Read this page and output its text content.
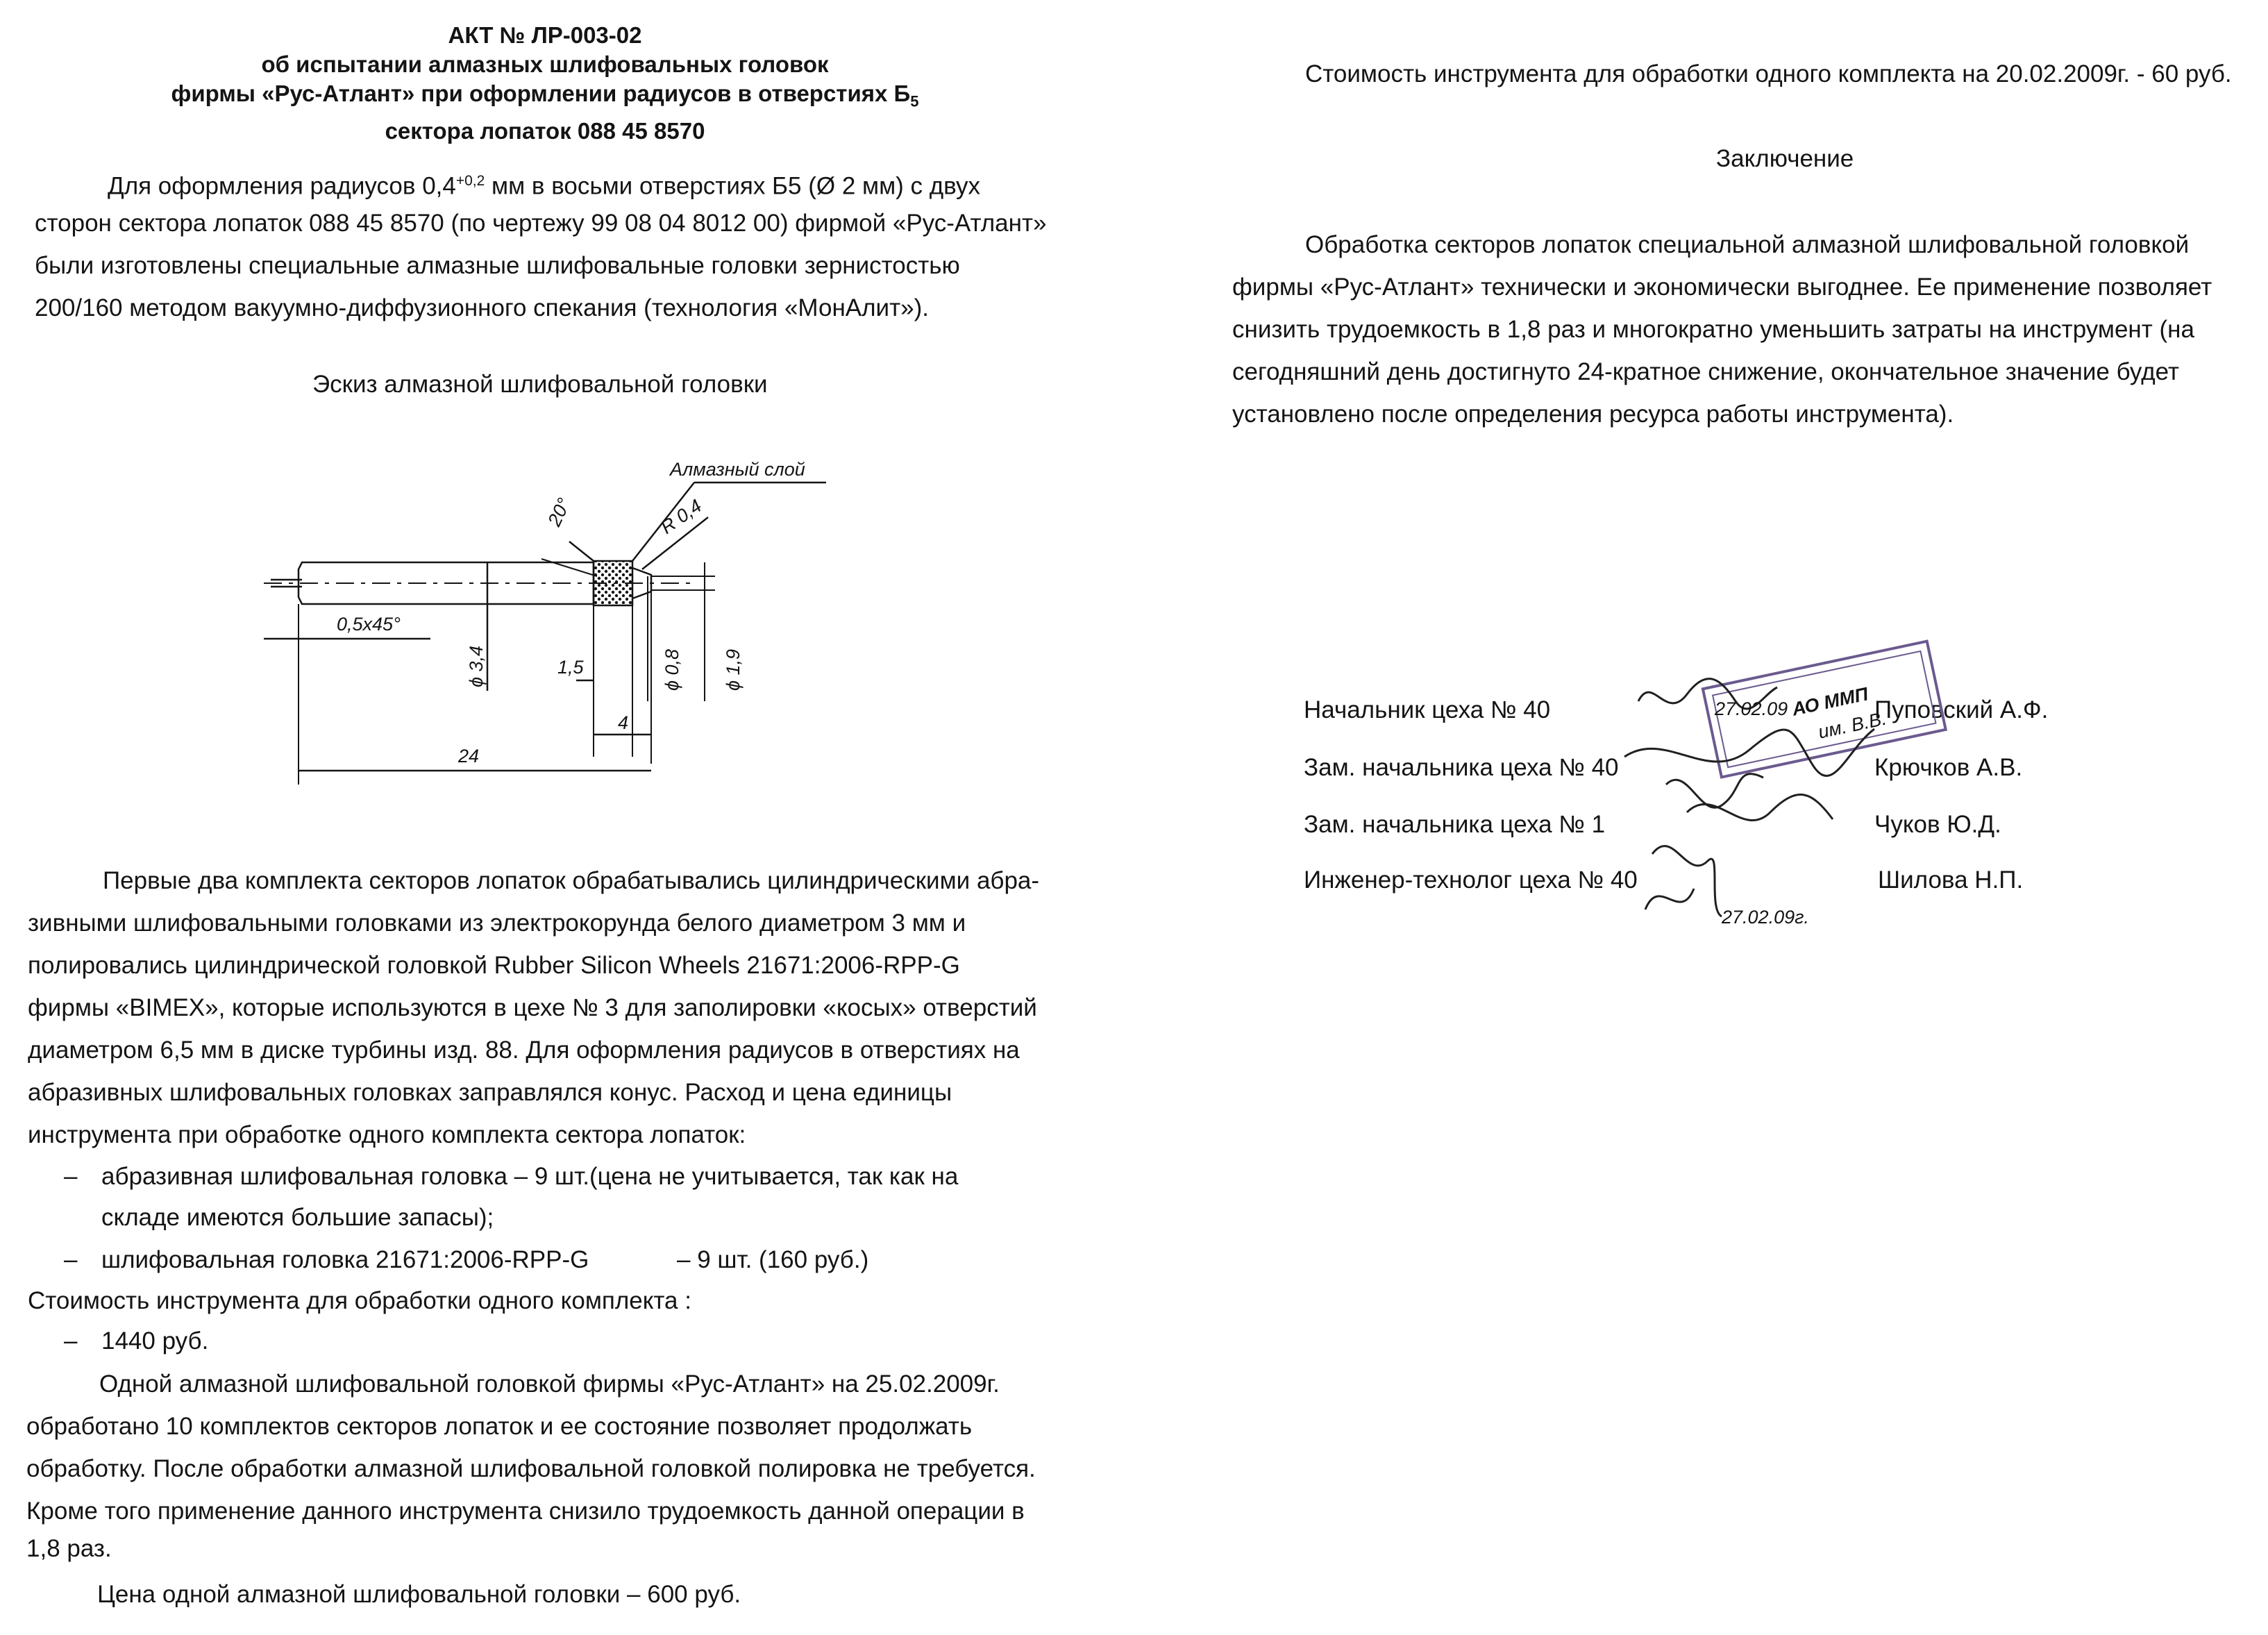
АКТ № ЛР-003-02
об испытании алмазных шлифовальных головок
фирмы «Рус-Атлант» при оформлении радиусов в отверстиях $Б_5$
сектора лопаток 088 45 8570
Для оформления радиусов $0,4^{+0,2}$ мм в восьми отверстиях Б5 (Ø 2 мм) с двух
сторон сектора лопаток 088 45 8570 (по чертежу 99 08 04 8012 00) фирмой «Рус-Атлант»
были изготовлены специальные алмазные шлифовальные головки зернистостью
200/160 методом вакуумно-диффузионного спекания (технология «МонАлит»).
Эскиз алмазной шлифовальной головки
Алмазный слой
20°	R 0,4
0,5х45°
ϕ 3,4	1,5	ϕ 0,8 ϕ 1,9
4
24
Первые два комплекта секторов лопаток обрабатывались цилиндрическими абра-
зивными шлифовальными головками из электрокорунда белого диаметром 3 мм и
полировались цилиндрической головкой Rubber Silicon Wheels 21671:2006-RPP-G
фирмы «BIMEX», которые используются в цехе № 3 для заполировки «косых» отверстий
диаметром 6,5 мм в диске турбины изд. 88. Для оформления радиусов в отверстиях на
абразивных шлифовальных головках заправлялся конус. Расход и цена единицы
инструмента при обработке одного комплекта сектора лопаток:
– абразивная шлифовальная головка – 9 шт.(цена не учитывается, так как на
складе имеются большие запасы);
– шлифовальная головка 21671:2006-RPP-G	– 9 шт. (160 руб.)
Стоимость инструмента для обработки одного комплекта :
– 1440 руб.
Одной алмазной шлифовальной головкой фирмы «Рус-Атлант» на 25.02.2009г.
обработано 10 комплектов секторов лопаток и ее состояние позволяет продолжать
обработку. После обработки алмазной шлифовальной головкой полировка не требуется.
Кроме того применение данного инструмента снизило трудоемкость данной операции в
1,8 раз.
Цена одной алмазной шлифовальной головки – 600 руб.
Стоимость инструмента для обработки одного комплекта на 20.02.2009г. - 60 руб.
Заключение
Обработка секторов лопаток специальной алмазной шлифовальной головкой
фирмы «Рус-Атлант» технически и экономически выгоднее. Ее применение позволяет
снизить трудоемкость в 1,8 раз и многократно уменьшить затраты на инструмент (на
сегодняшний день достигнуто 24-кратное снижение, окончательное значение будет
установлено после определения ресурса работы инструмента).
Начальник цеха № 40	Пуповский А.Ф.
Зам. начальника цеха № 40	Крючков А.В.
Зам. начальника цеха № 1	Чуков Ю.Д.
Инженер-технолог цеха № 40	Шилова Н.П.
АО ММП
им. В.В.
27.02.09
27.02.09г.
